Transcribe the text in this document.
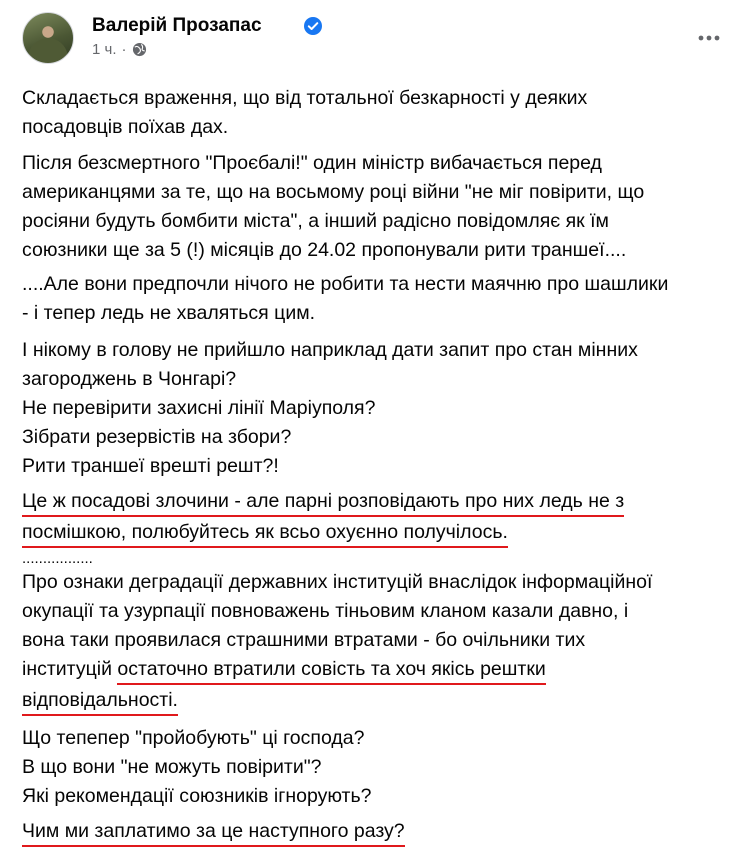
Валерій Прозапас
1 ч. ·
Складається враження, що від тотальної безкарності у деяких
посадовців поїхав дах.
Після безсмертного "Проєбалі!" один міністр вибачається перед
американцями за те, що на восьмому році війни "не міг повірити, що
росіяни будуть бомбити міста", а інший радісно повідомляє як їм
союзники ще за 5 (!) місяців до 24.02 пропонували рити траншеї....
....Але вони предпочли нічого не робити та нести маячню про шашлики
- і тепер ледь не хваляться цим.
І нікому в голову не прийшло наприклад дати запит про стан мінних
загороджень в Чонгарі?
Не перевірити захисні лінії Маріуполя?
Зібрати резервістів на збори?
Рити траншеї врешті решт?!
Це ж посадові злочини - але парні розповідають про них ледь не з
посмішкою, полюбуйтесь як всьо охуєнно получілось.
.................
Про ознаки деградації державних інституцій внаслідок інформаційної
окупації та узурпації повноважень тіньовим кланом казали давно, і
вона таки проявилася страшними втратами - бо очільники тих
інституцій остаточно втратили совість та хоч якісь рештки
відповідальності.
Що тепепер "пройобують" ці господа?
В що вони "не можуть повірити"?
Які рекомендації союзників ігнорують?
Чим ми заплатимо за це наступного разу?
